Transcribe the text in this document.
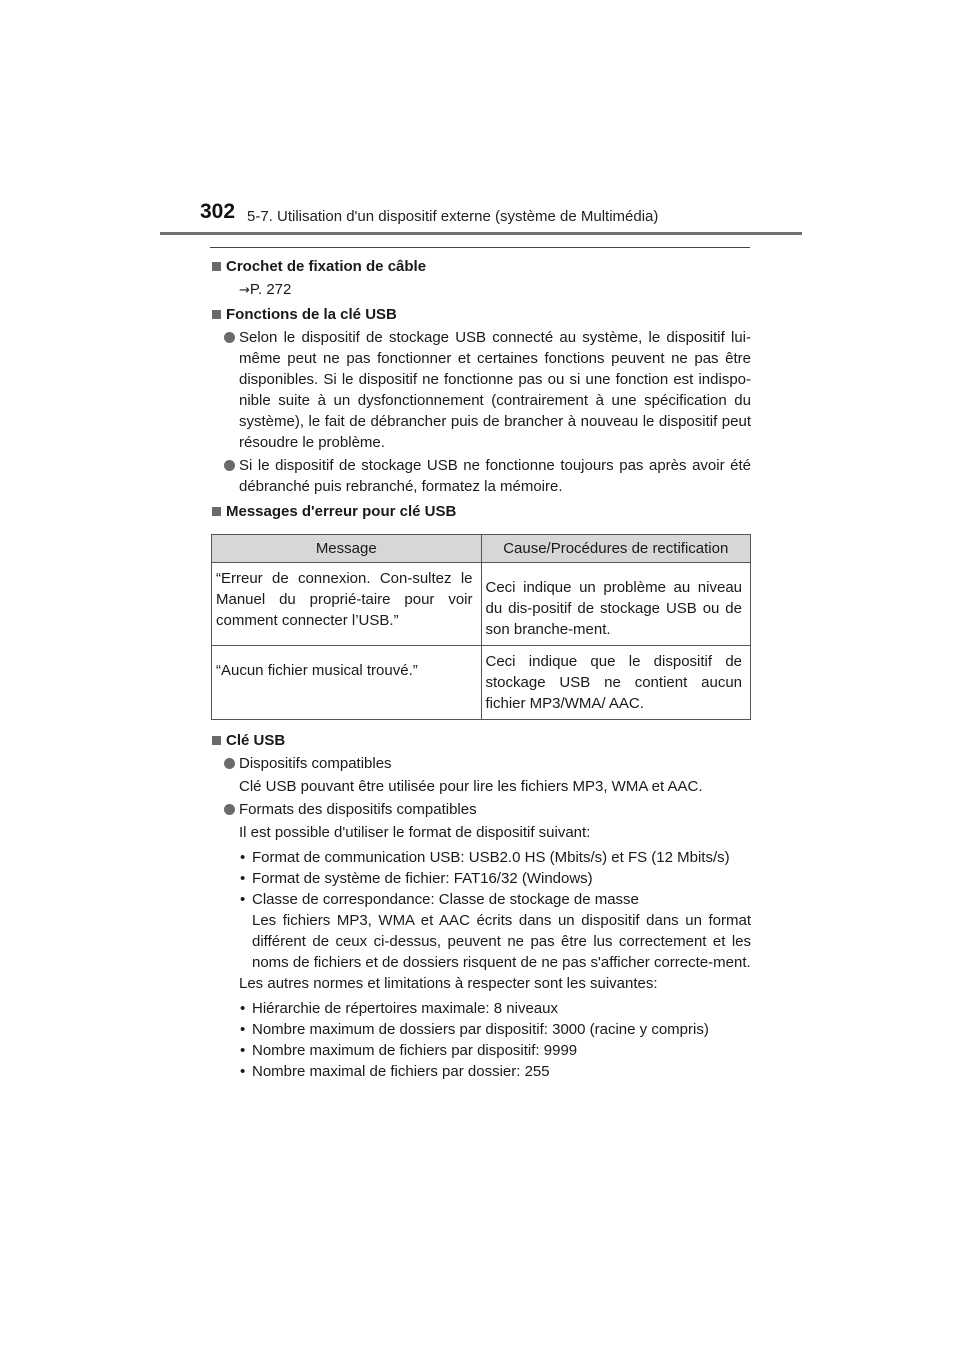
302 5-7. Utilisation d'un dispositif externe (système de Multimédia)
Crochet de fixation de câble
→P. 272
Fonctions de la clé USB
Selon le dispositif de stockage USB connecté au système, le dispositif lui-même peut ne pas fonctionner et certaines fonctions peuvent ne pas être disponibles. Si le dispositif ne fonctionne pas ou si une fonction est indispo-nible suite à un dysfonctionnement (contrairement à une spécification du système), le fait de débrancher puis de brancher à nouveau le dispositif peut résoudre le problème.
Si le dispositif de stockage USB ne fonctionne toujours pas après avoir été débranché puis rebranché, formatez la mémoire.
Messages d'erreur pour clé USB
Message	Cause/Procédures de rectification
“Erreur de connexion. Con-sultez le Manuel du proprié-taire pour voir comment connecter l’USB.”	Ceci indique un problème au niveau du dis-positif de stockage USB ou de son branche-ment.
“Aucun fichier musical trouvé.”	Ceci indique que le dispositif de stockage USB ne contient aucun fichier MP3/WMA/ AAC.
Clé USB
Dispositifs compatibles
Clé USB pouvant être utilisée pour lire les fichiers MP3, WMA et AAC.
Formats des dispositifs compatibles
Il est possible d'utiliser le format de dispositif suivant:
• Format de communication USB: USB2.0 HS (Mbits/s) et FS (12 Mbits/s)
• Format de système de fichier: FAT16/32 (Windows)
• Classe de correspondance: Classe de stockage de masse
Les fichiers MP3, WMA et AAC écrits dans un dispositif dans un format différent de ceux ci-dessus, peuvent ne pas être lus correctement et les noms de fichiers et de dossiers risquent de ne pas s'afficher correcte-ment.
Les autres normes et limitations à respecter sont les suivantes:
• Hiérarchie de répertoires maximale: 8 niveaux
• Nombre maximum de dossiers par dispositif: 3000 (racine y compris)
• Nombre maximum de fichiers par dispositif: 9999
• Nombre maximal de fichiers par dossier: 255
